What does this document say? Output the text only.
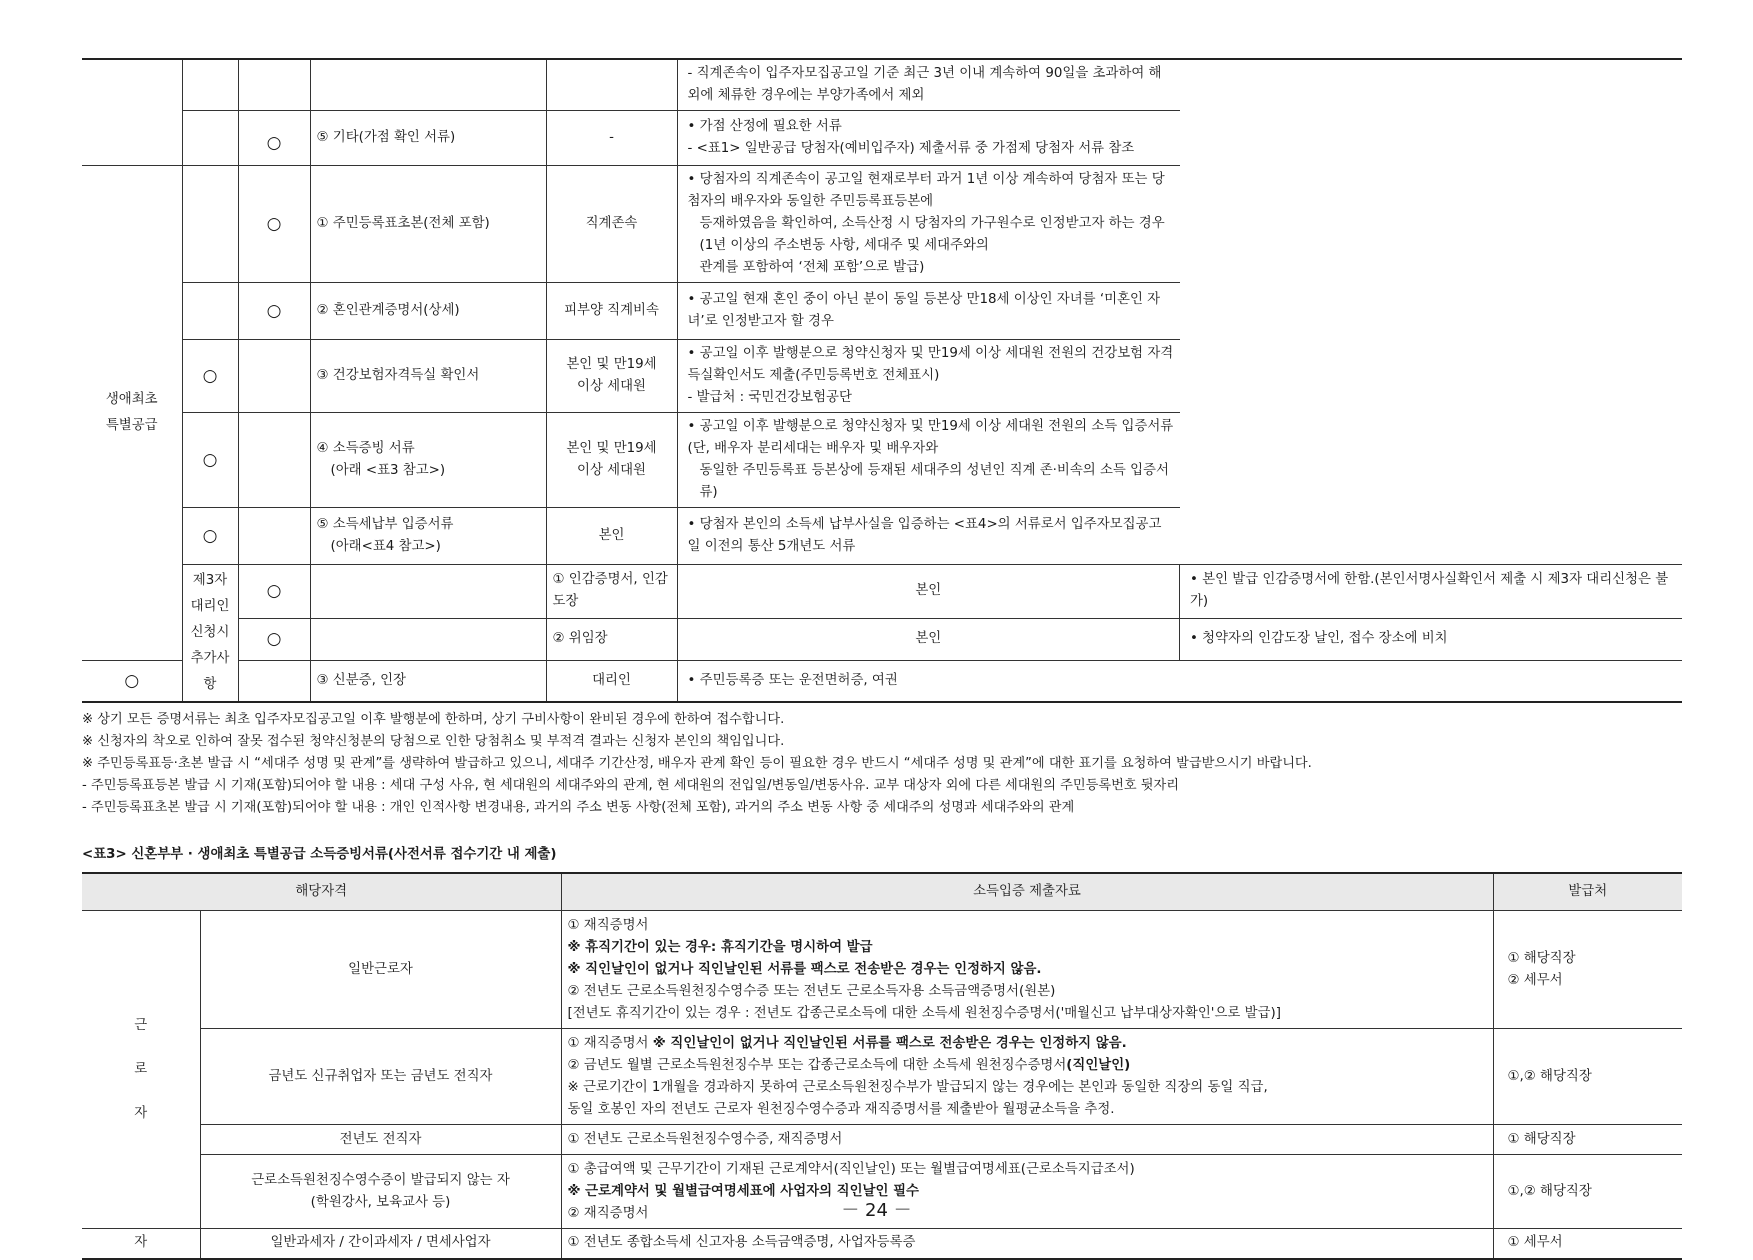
					- 직계존속이 입주자모집공고일 기준 최근 3년 이내 계속하여 90일을 초과하여 해외에 체류한 경우에는 부양가족에서 제외	

		○	⑤ 기타(가점 확인 서류)	-	• 가점 산정에 필요한 서류
- <표1> 일반공급 당첨자(예비입주자) 제출서류 중 가점제 당첨자 서류 참조	

생애최초
특별공급		○	① 주민등록표초본(전체 포함)	직계존속	• 당첨자의 직계존속이 공고일 현재로부터 과거 1년 이상 계속하여 당첨자 또는 당첨자의 배우자와 동일한 주민등록표등본에
등재하였음을 확인하여, 소득산정 시 당첨자의 가구원수로 인정받고자 하는 경우(1년 이상의 주소변동 사항, 세대주 및 세대주와의
관계를 포함하여 ‘전체 포함’으로 발급)	

		○	② 혼인관계증명서(상세)	피부양 직계비속	• 공고일 현재 혼인 중이 아닌 분이 동일 등본상 만18세 이상인 자녀를 ‘미혼인 자녀’로 인정받고자 할 경우	

	○		③ 건강보험자격득실 확인서	본인 및 만19세
이상 세대원	• 공고일 이후 발행분으로 청약신청자 및 만19세 이상 세대원 전원의 건강보험 자격득실확인서도 제출(주민등록번호 전체표시)
- 발급처 : 국민건강보험공단	

	○		④ 소득증빙 서류
(아래 <표3 참고>)	본인 및 만19세
이상 세대원	• 공고일 이후 발행분으로 청약신청자 및 만19세 이상 세대원 전원의 소득 입증서류(단, 배우자 분리세대는 배우자 및 배우자와
동일한 주민등록표 등본상에 등재된 세대주의 성년인 직계 존·비속의 소득 입증서류)	

	○		⑤ 소득세납부 입증서류
(아래<표4 참고>)	본인	• 당첨자 본인의 소득세 납부사실을 입증하는 <표4>의 서류로서 입주자모집공고일 이전의 통산 5개년도 서류	

	제3자
대리인
신청시
추가사항	○		① 인감증명서, 인감도장	본인	• 본인 발급 인감증명서에 한함.(본인서명사실확인서 제출 시 제3자 대리신청은 불가)

		○		② 위임장	본인	• 청약자의 인감도장 날인, 접수 장소에 비치

○			③ 신분증, 인장	대리인	• 주민등록증 또는 운전면허증, 여권	
※ 상기 모든 증명서류는 최초 입주자모집공고일 이후 발행분에 한하며, 상기 구비사항이 완비된 경우에 한하여 접수합니다.
※ 신청자의 착오로 인하여 잘못 접수된 청약신청분의 당첨으로 인한 당첨취소 및 부적격 결과는 신청자 본인의 책임입니다.
※ 주민등록표등·초본 발급 시 “세대주 성명 및 관계”를 생략하여 발급하고 있으니, 세대주 기간산정, 배우자 관계 확인 등이 필요한 경우 반드시 “세대주 성명 및 관계”에 대한 표기를 요청하여 발급받으시기 바랍니다.
- 주민등록표등본 발급 시 기재(포함)되어야 할 내용 : 세대 구성 사유, 현 세대원의 세대주와의 관계, 현 세대원의 전입일/변동일/변동사유. 교부 대상자 외에 다른 세대원의 주민등록번호 뒷자리
- 주민등록표초본 발급 시 기재(포함)되어야 할 내용 : 개인 인적사항 변경내용, 과거의 주소 변동 사항(전체 포함), 과거의 주소 변동 사항 중 세대주의 성명과 세대주와의 관계
<표3> 신혼부부 · 생애최초 특별공급 소득증빙서류(사전서류 접수기간 내 제출)
해당자격		소득입증 제출자료	발급처

근
로
자	일반근로자	① 재직증명서
※ 휴직기간이 있는 경우: 휴직기간을 명시하여 발급
※ 직인날인이 없거나 직인날인된 서류를 팩스로 전송받은 경우는 인정하지 않음.
② 전년도 근로소득원천징수영수증 또는 전년도 근로소득자용 소득금액증명서(원본)
[전년도 휴직기간이 있는 경우 : 전년도 갑종근로소득에 대한 소득세 원천징수증명서('매월신고 납부대상자확인'으로 발급)]	① 해당직장
② 세무서

	금년도 신규취업자 또는 금년도 전직자	① 재직증명서 ※ 직인날인이 없거나 직인날인된 서류를 팩스로 전송받은 경우는 인정하지 않음.
② 금년도 월별 근로소득원천징수부 또는 갑종근로소득에 대한 소득세 원천징수증명서(직인날인)
※ 근로기간이 1개월을 경과하지 못하여 근로소득원천징수부가 발급되지 않는 경우에는 본인과 동일한 직장의 동일 직급,
동일 호봉인 자의 전년도 근로자 원천징수영수증과 재직증명서를 제출받아 월평균소득을 추정.	①,② 해당직장
	전년도 전직자	① 전년도 근로소득원천징수영수증, 재직증명서	① 해당직장

	근로소득원천징수영수증이 발급되지 않는 자
(학원강사, 보육교사 등)	① 총급여액 및 근무기간이 기재된 근로계약서(직인날인) 또는 월별급여명세표(근로소득지급조서)
※ 근로계약서 및 월별급여명세표에 사업자의 직인날인 필수
② 재직증명서	①,② 해당직장
자	일반과세자 / 간이과세자 / 면세사업자	① 전년도 종합소득세 신고자용 소득금액증명, 사업자등록증	① 세무서
－ 24 －
